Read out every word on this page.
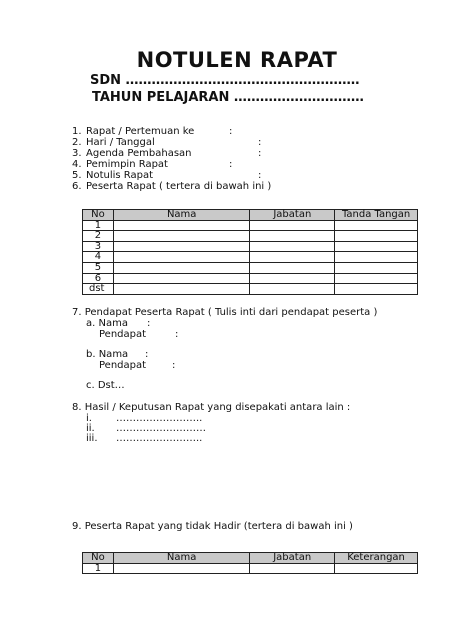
NOTULEN RAPAT
SDN ………………………………………………
TAHUN PELAJARAN …………………………
1. Rapat / Pertemuan ke	:
2. Hari / Tanggal	:
3. Agenda Pembahasan	:
4. Pemimpin Rapat	:
5. Notulis Rapat	:
6. Peserta Rapat ( tertera di bawah ini )
No	Nama	Jabatan	Tanda Tangan
1			
2			
3			
4			
5			
6			
dst			
7. Pendapat Peserta Rapat ( Tulis inti dari pendapat peserta )
a. Nama :
Pendapat	:
b. Nama :
Pendapat	:
c. Dst…
8. Hasil / Keputusan Rapat yang disepakati antara lain :
i. ……………………..
ii. ………………………
iii. ……………………..
9. Peserta Rapat yang tidak Hadir (tertera di bawah ini )
No	Nama	Jabatan	Keterangan
1			
